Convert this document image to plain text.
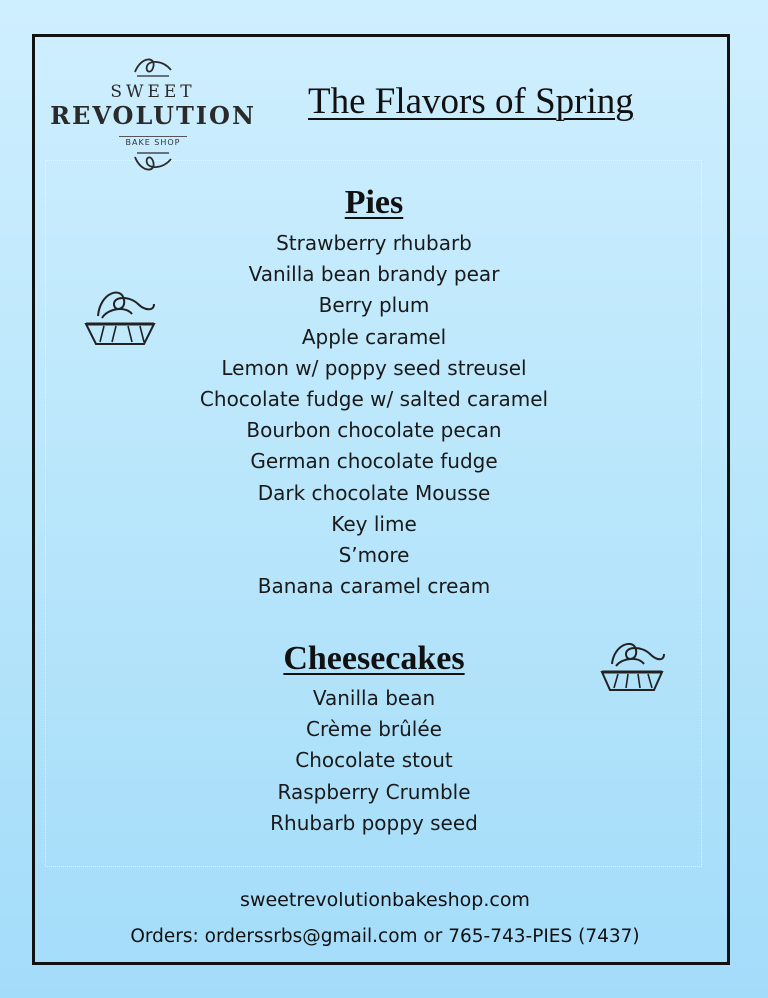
SWEET
REVOLUTION
BAKE SHOP
The Flavors of Spring
Pies
Strawberry rhubarb
Vanilla bean brandy pear
Berry plum
Apple caramel
Lemon w/ poppy seed streusel
Chocolate fudge w/ salted caramel
Bourbon chocolate pecan
German chocolate fudge
Dark chocolate Mousse
Key lime
S’more
Banana caramel cream
Cheesecakes
Vanilla bean
Crème brûlée
Chocolate stout
Raspberry Crumble
Rhubarb poppy seed
sweetrevolutionbakeshop.com
Orders: orderssrbs@gmail.com or 765-743-PIES (7437)
